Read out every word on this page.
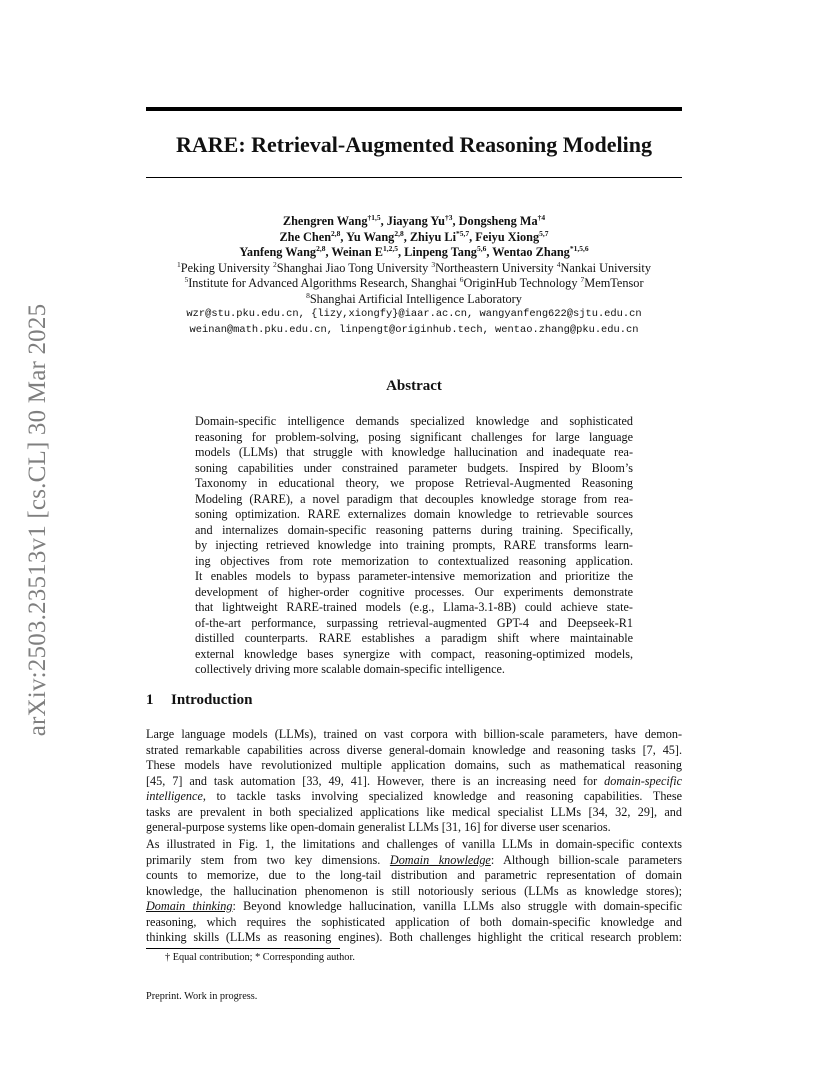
arXiv:2503.23513v1 [cs.CL] 30 Mar 2025
RARE: Retrieval-Augmented Reasoning Modeling
Zhengren Wang$^{\dagger 1,5}$, Jiayang Yu$^{\dagger 3}$, Dongsheng Ma$^{\dagger 4}$
Zhe Chen$^{2,8}$, Yu Wang$^{2,8}$, Zhiyu Li$^{*5,7}$, Feiyu Xiong$^{5,7}$
Yanfeng Wang$^{2,8}$, Weinan E$^{1,2,5}$, Linpeng Tang$^{5,6}$, Wentao Zhang$^{*1,5,6}$
$^1$Peking University $^2$Shanghai Jiao Tong University $^3$Northeastern University $^4$Nankai University
$^5$Institute for Advanced Algorithms Research, Shanghai $^6$OriginHub Technology $^7$MemTensor
$^8$Shanghai Artificial Intelligence Laboratory
wzr@stu.pku.edu.cn, {lizy,xiongfy}@iaar.ac.cn, wangyanfeng622@sjtu.edu.cn
weinan@math.pku.edu.cn, linpengt@originhub.tech, wentao.zhang@pku.edu.cn
Abstract
Domain-specific intelligence demands specialized knowledge and sophisticated
reasoning for problem-solving, posing significant challenges for large language
models (LLMs) that struggle with knowledge hallucination and inadequate rea-
soning capabilities under constrained parameter budgets. Inspired by Bloom’s
Taxonomy in educational theory, we propose Retrieval-Augmented Reasoning
Modeling (RARE), a novel paradigm that decouples knowledge storage from rea-
soning optimization. RARE externalizes domain knowledge to retrievable sources
and internalizes domain-specific reasoning patterns during training. Specifically,
by injecting retrieved knowledge into training prompts, RARE transforms learn-
ing objectives from rote memorization to contextualized reasoning application.
It enables models to bypass parameter-intensive memorization and prioritize the
development of higher-order cognitive processes. Our experiments demonstrate
that lightweight RARE-trained models (e.g., Llama-3.1-8B) could achieve state-
of-the-art performance, surpassing retrieval-augmented GPT-4 and Deepseek-R1
distilled counterparts. RARE establishes a paradigm shift where maintainable
external knowledge bases synergize with compact, reasoning-optimized models,
collectively driving more scalable domain-specific intelligence.
1 Introduction
Large language models (LLMs), trained on vast corpora with billion-scale parameters, have demon-
strated remarkable capabilities across diverse general-domain knowledge and reasoning tasks [7, 45].
These models have revolutionized multiple application domains, such as mathematical reasoning
[45, 7] and task automation [33, 49, 41]. However, there is an increasing need for domain-specific
intelligence, to tackle tasks involving specialized knowledge and reasoning capabilities. These
tasks are prevalent in both specialized applications like medical specialist LLMs [34, 32, 29], and
general-purpose systems like open-domain generalist LLMs [31, 16] for diverse user scenarios.
As illustrated in Fig. 1, the limitations and challenges of vanilla LLMs in domain-specific contexts
primarily stem from two key dimensions. Domain knowledge: Although billion-scale parameters
counts to memorize, due to the long-tail distribution and parametric representation of domain
knowledge, the hallucination phenomenon is still notoriously serious (LLMs as knowledge stores);
Domain thinking: Beyond knowledge hallucination, vanilla LLMs also struggle with domain-specific
reasoning, which requires the sophisticated application of both domain-specific knowledge and
thinking skills (LLMs as reasoning engines). Both challenges highlight the critical research problem:
† Equal contribution; * Corresponding author.
Preprint. Work in progress.
